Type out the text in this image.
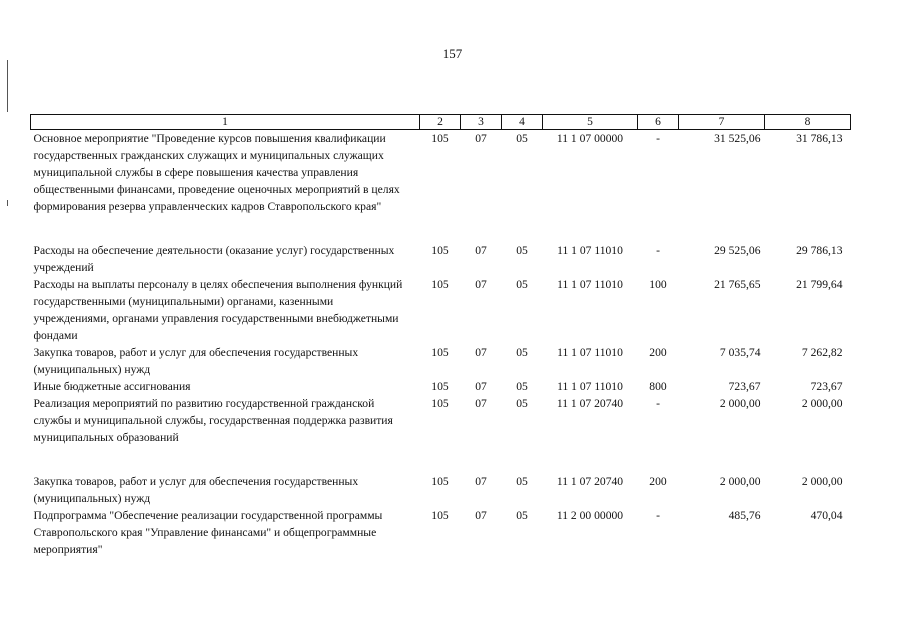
157
1	2	3	4	5	6	7	8
Основное мероприятие "Проведение курсов повышения квалификации государственных гражданских служащих и муниципальных служащих муниципальной службы в сфере повышения качества управления общественными финансами, проведение оценочных мероприятий в целях формирования резерва управленческих кадров Ставропольского края"	105	07	05	11 1 07 00000	-	31 525,06	31 786,13
Расходы на обеспечение деятельности (оказание услуг) государственных учреждений	105	07	05	11 1 07 11010	-	29 525,06	29 786,13
Расходы на выплаты персоналу в целях обеспечения выполнения функций государственными (муниципальными) органами, казенными учреждениями, органами управления государственными внебюджетными фондами	105	07	05	11 1 07 11010	100	21 765,65	21 799,64
Закупка товаров, работ и услуг для обеспечения государственных (муниципальных) нужд	105	07	05	11 1 07 11010	200	7 035,74	7 262,82
Иные бюджетные ассигнования	105	07	05	11 1 07 11010	800	723,67	723,67
Реализация мероприятий по развитию государственной гражданской службы и муниципальной службы, государственная поддержка развития муниципальных образований	105	07	05	11 1 07 20740	-	2 000,00	2 000,00
Закупка товаров, работ и услуг для обеспечения государственных (муниципальных) нужд	105	07	05	11 1 07 20740	200	2 000,00	2 000,00
Подпрограмма "Обеспечение реализации государственной программы Ставропольского края "Управление финансами" и общепрограммные мероприятия"	105	07	05	11 2 00 00000	-	485,76	470,04
